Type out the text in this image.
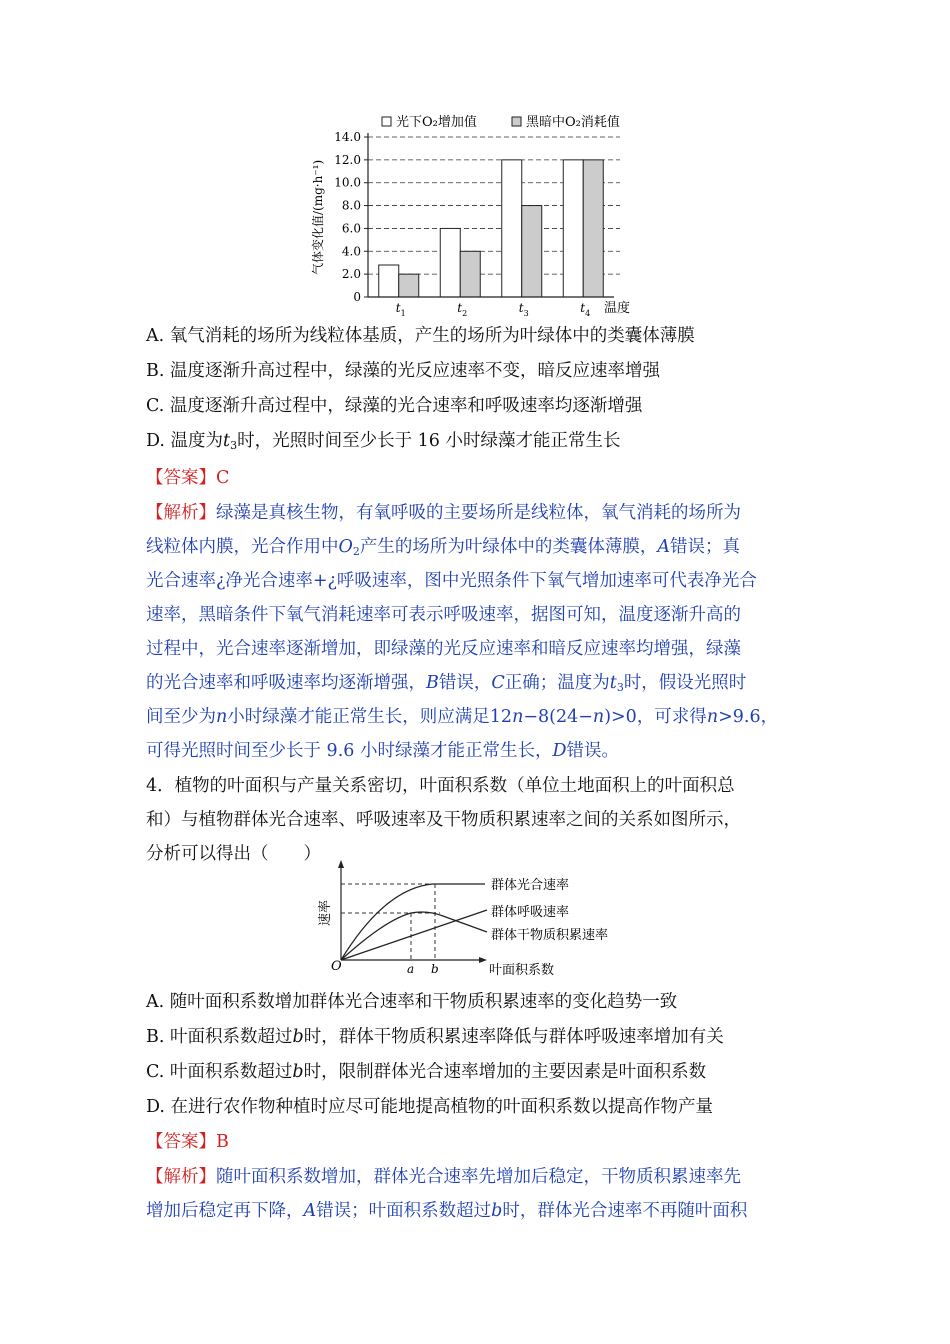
0
2.0
4.0
6.0
8.0
10.0
12.0
14.0
$t_1$	$t_2$	$t_3$	$t_4$
光下O₂增加值	黑暗中O₂消耗值
气体变化值/(mg·h⁻¹)
温度
A. 氧气消耗的场所为线粒体基质，产生的场所为叶绿体中的类囊体薄膜
B. 温度逐渐升高过程中，绿藻的光反应速率不变，暗反应速率增强
C. 温度逐渐升高过程中，绿藻的光合速率和呼吸速率均逐渐增强
D. 温度为$t_3$时，光照时间至少长于 16 小时绿藻才能正常生长
【答案】C
【解析】绿藻是真核生物，有氧呼吸的主要场所是线粒体，氧气消耗的场所为
线粒体内膜，光合作用中$O_2$产生的场所为叶绿体中的类囊体薄膜，A错误；真
光合速率¿净光合速率+¿呼吸速率，图中光照条件下氧气增加速率可代表净光合
速率，黑暗条件下氧气消耗速率可表示呼吸速率，据图可知，温度逐渐升高的
过程中，光合速率逐渐增加，即绿藻的光反应速率和暗反应速率均增强，绿藻
的光合速率和呼吸速率均逐渐增强，B错误，C正确；温度为$t_3$时，假设光照时
间至少为n小时绿藻才能正常生长，则应满足12n−8(24−n)>0，可求得n>9.6，
可得光照时间至少长于 9.6 小时绿藻才能正常生长，D错误。
4．植物的叶面积与产量关系密切，叶面积系数（单位土地面积上的叶面积总
和）与植物群体光合速率、呼吸速率及干物质积累速率之间的关系如图所示，
分析可以得出（　　）
群体光合速率
群体呼吸速率
群体干物质积累速率
O	a b	叶面积系数
速率
A. 随叶面积系数增加群体光合速率和干物质积累速率的变化趋势一致
B. 叶面积系数超过b时，群体干物质积累速率降低与群体呼吸速率增加有关
C. 叶面积系数超过b时，限制群体光合速率增加的主要因素是叶面积系数
D. 在进行农作物种植时应尽可能地提高植物的叶面积系数以提高作物产量
【答案】B
【解析】随叶面积系数增加，群体光合速率先增加后稳定，干物质积累速率先
增加后稳定再下降，A错误；叶面积系数超过b时，群体光合速率不再随叶面积
